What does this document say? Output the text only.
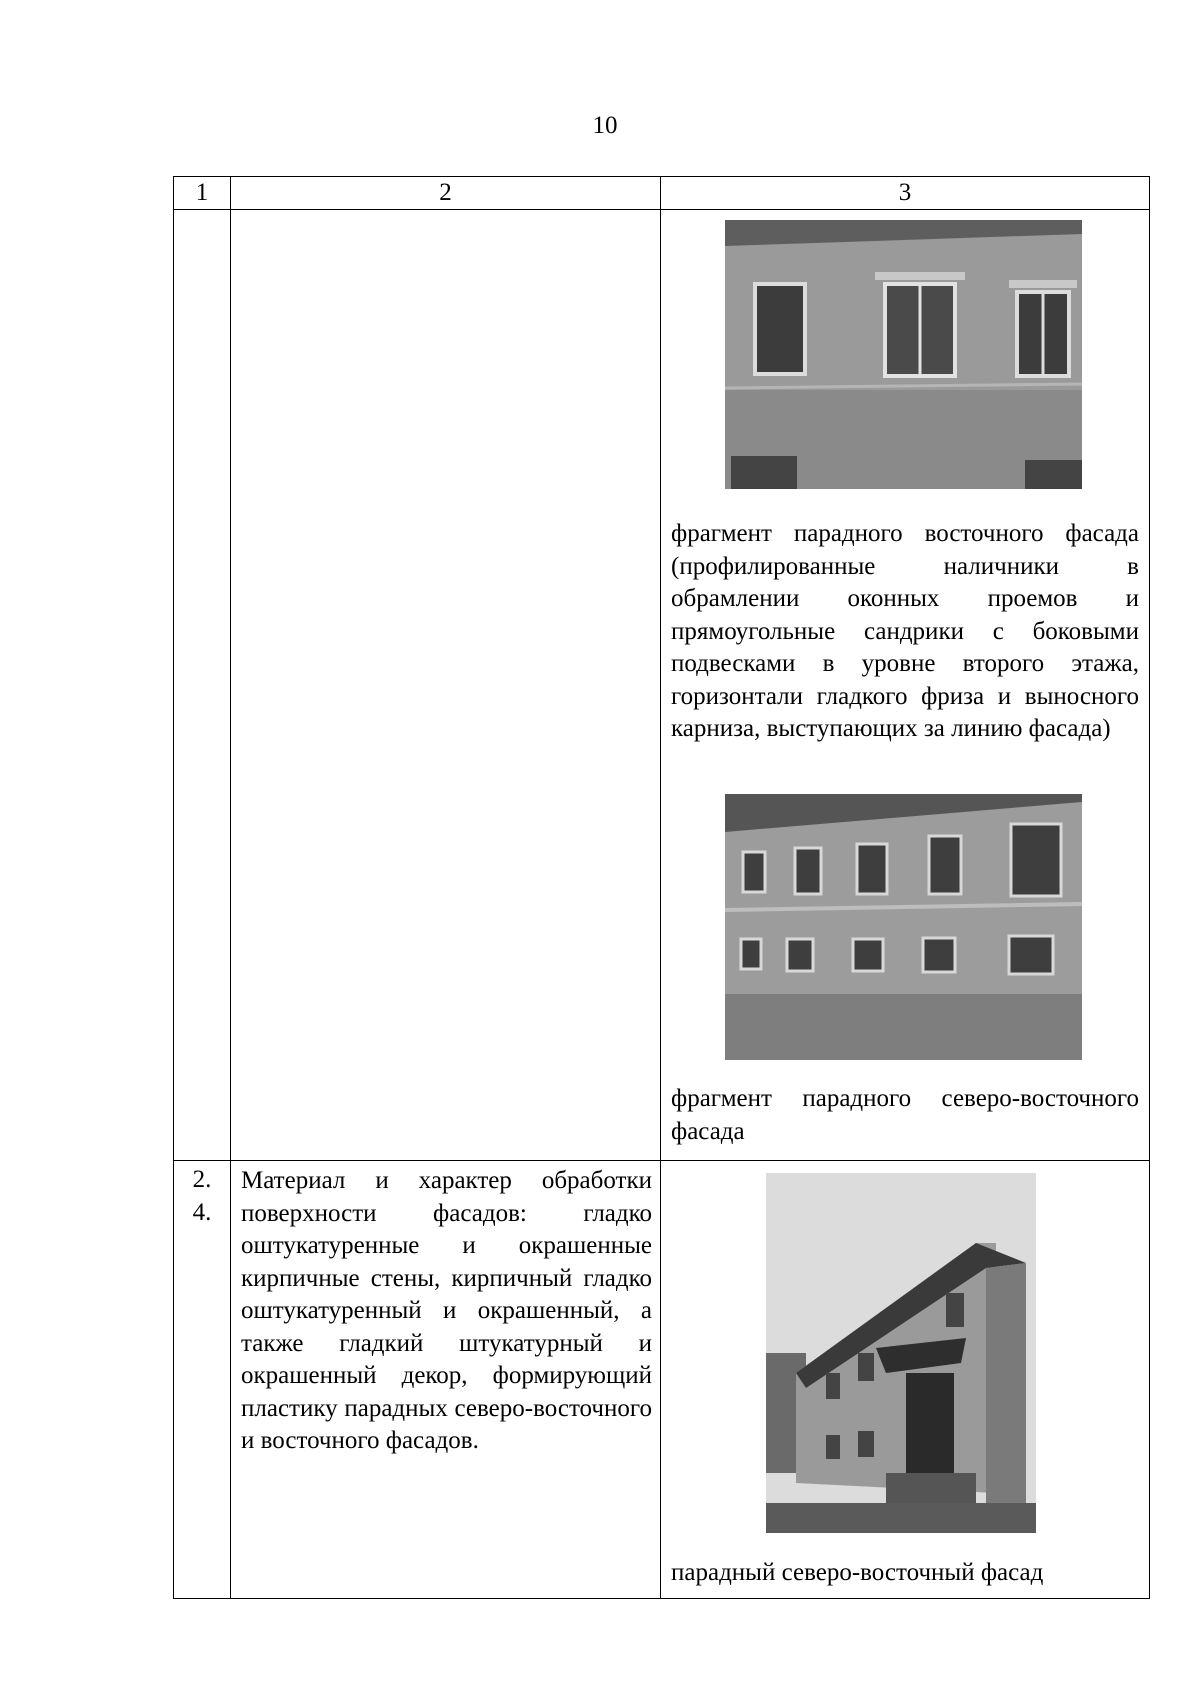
10
1	2	3

		фрагмент парадного восточного фасада (профилированные наличники в обрамлении оконных проемов и прямоугольные сандрики с боковыми подвесками в уровне второго этажа, горизонтали гладкого фриза и выносного карниза, выступающих за линию фасада)
фрагмент парадного северо-восточного фасада

2.
4.	Материал и характер обработки поверхности фасадов: гладко оштукатуренные и окрашенные кирпичные стены, кирпичный гладко оштукатуренный и окрашенный, а также гладкий штукатурный и окрашенный декор, формирующий пластику парадных северо-восточного и восточного фасадов.	парадный северо-восточный фасад
